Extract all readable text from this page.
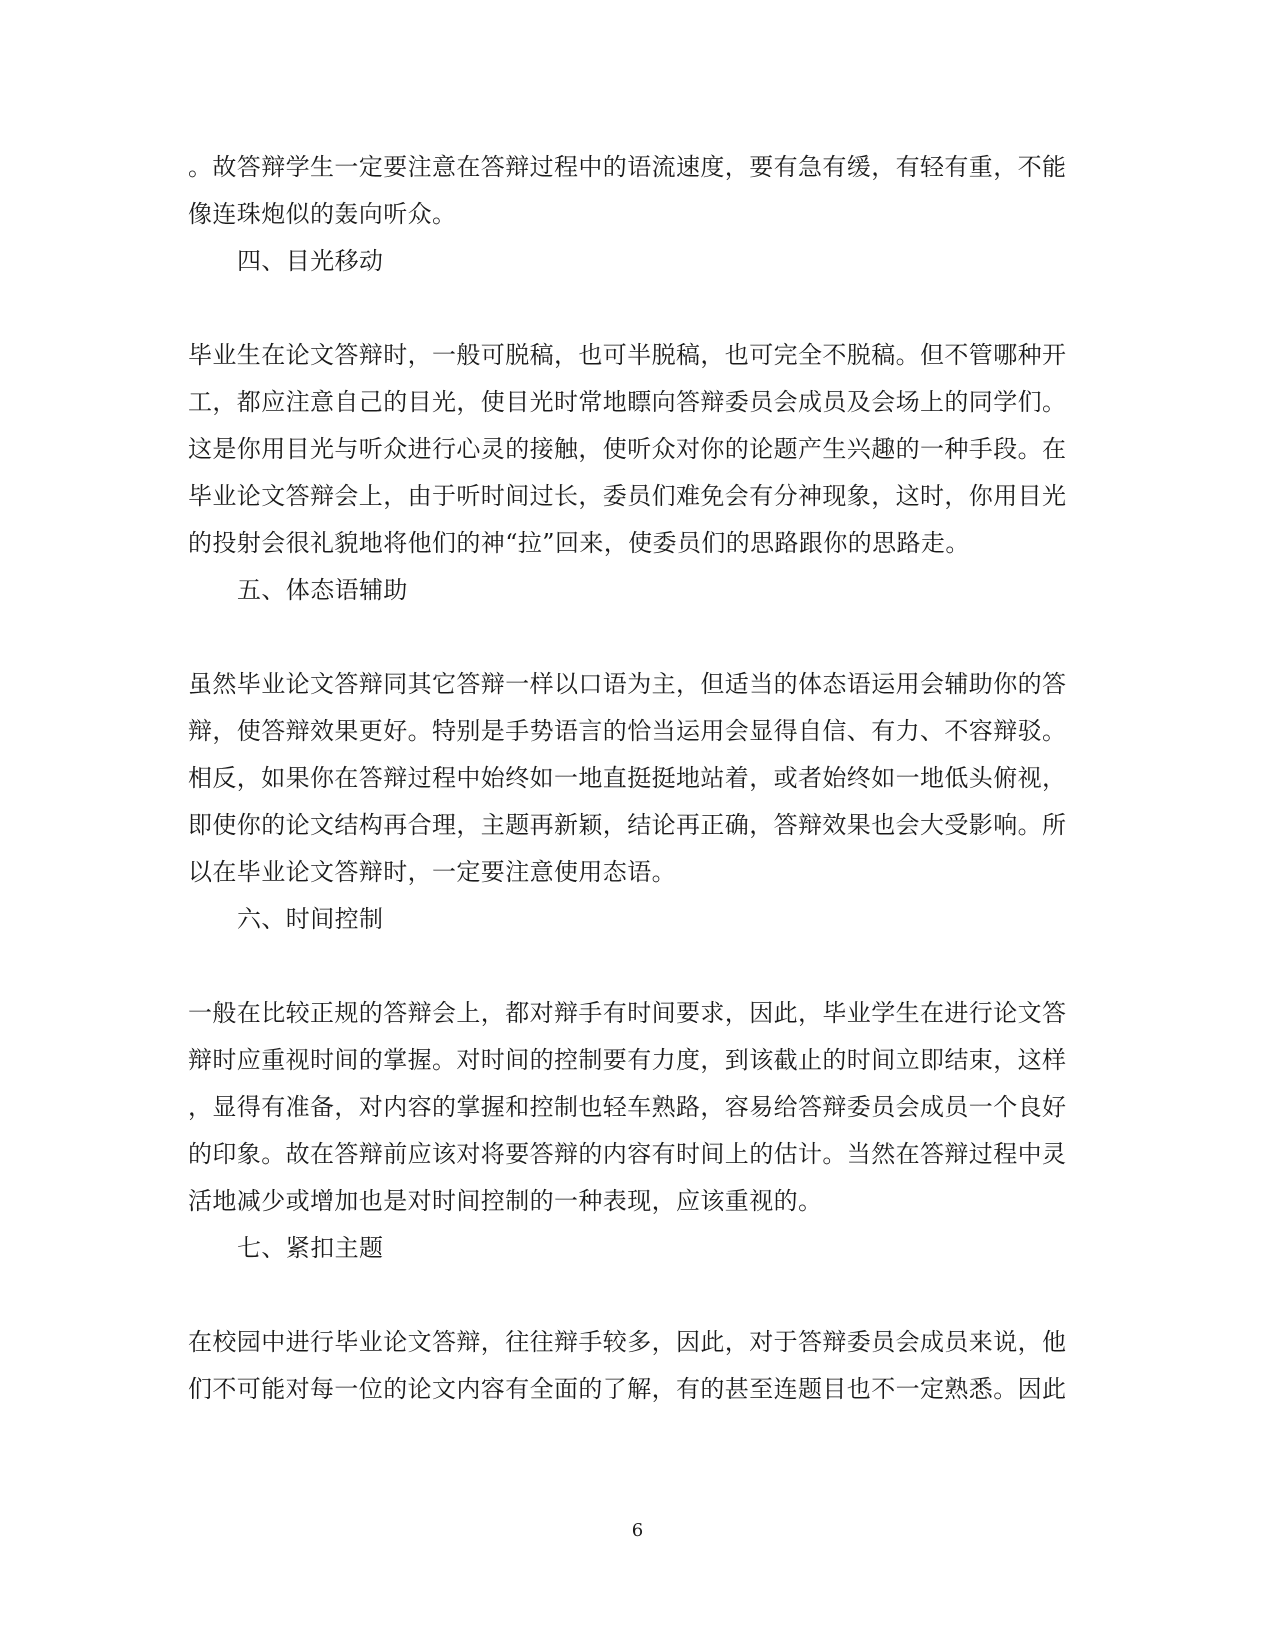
。故答辩学生一定要注意在答辩过程中的语流速度，要有急有缓，有轻有重，不能
像连珠炮似的轰向听众。
四、目光移动
毕业生在论文答辩时，一般可脱稿，也可半脱稿，也可完全不脱稿。但不管哪种开
工，都应注意自己的目光，使目光时常地瞟向答辩委员会成员及会场上的同学们。
这是你用目光与听众进行心灵的接触，使听众对你的论题产生兴趣的一种手段。在
毕业论文答辩会上，由于听时间过长，委员们难免会有分神现象，这时，你用目光
的投射会很礼貌地将他们的神“拉”回来，使委员们的思路跟你的思路走。
五、体态语辅助
虽然毕业论文答辩同其它答辩一样以口语为主，但适当的体态语运用会辅助你的答
辩，使答辩效果更好。特别是手势语言的恰当运用会显得自信、有力、不容辩驳。
相反，如果你在答辩过程中始终如一地直挺挺地站着，或者始终如一地低头俯视，
即使你的论文结构再合理，主题再新颖，结论再正确，答辩效果也会大受影响。所
以在毕业论文答辩时，一定要注意使用态语。
六、时间控制
一般在比较正规的答辩会上，都对辩手有时间要求，因此，毕业学生在进行论文答
辩时应重视时间的掌握。对时间的控制要有力度，到该截止的时间立即结束，这样
，显得有准备，对内容的掌握和控制也轻车熟路，容易给答辩委员会成员一个良好
的印象。故在答辩前应该对将要答辩的内容有时间上的估计。当然在答辩过程中灵
活地减少或增加也是对时间控制的一种表现，应该重视的。
七、紧扣主题
在校园中进行毕业论文答辩，往往辩手较多，因此，对于答辩委员会成员来说，他
们不可能对每一位的论文内容有全面的了解，有的甚至连题目也不一定熟悉。因此
6
